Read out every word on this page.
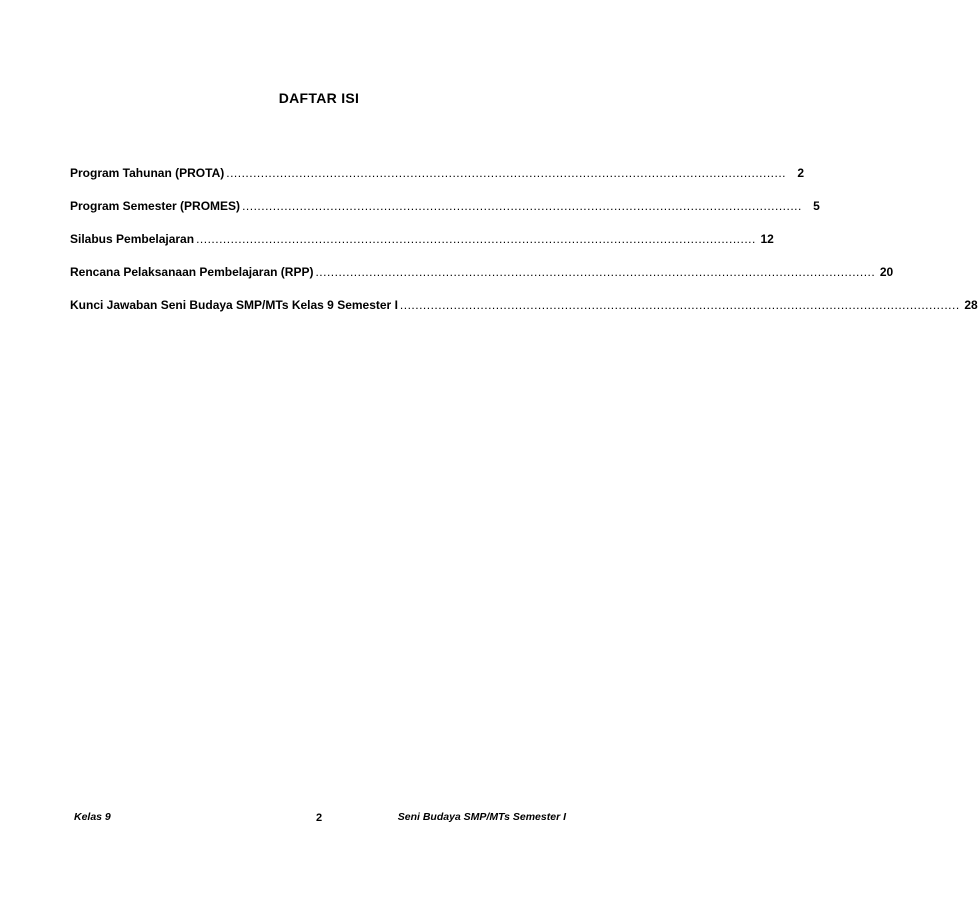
DAFTAR ISI
Program Tahunan (PROTA) .................................................................................................................................................. 2
Program Semester (PROMES) .................................................................................................................................................. 5
Silabus Pembelajaran .................................................................................................................................................. 12
Rencana Pelaksanaan Pembelajaran (RPP) .................................................................................................................................................. 20
Kunci Jawaban Seni Budaya SMP/MTs Kelas 9 Semester I .................................................................................................................................................. 28
Kelas 9	2	Seni Budaya SMP/MTs Semester I
